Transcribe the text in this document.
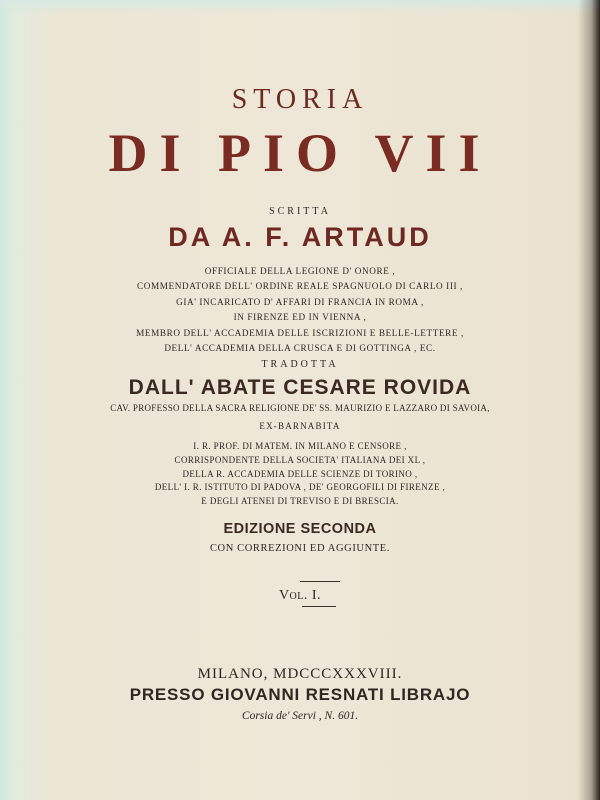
STORIA
DI PIO VII
SCRITTA
DA A. F. ARTAUD
OFFICIALE DELLA LEGIONE D' ONORE ,
COMMENDATORE DELL' ORDINE REALE SPAGNUOLO DI CARLO III ,
GIA' INCARICATO D' AFFARI DI FRANCIA IN ROMA ,
IN FIRENZE ED IN VIENNA ,
MEMBRO DELL' ACCADEMIA DELLE ISCRIZIONI E BELLE-LETTERE ,
DELL' ACCADEMIA DELLA CRUSCA E DI GOTTINGA , EC.
TRADOTTA
DALL' ABATE CESARE ROVIDA
CAV. PROFESSO DELLA SACRA RELIGIONE DE' SS. MAURIZIO E LAZZARO DI SAVOIA,
EX-BARNABITA
I. R. PROF. DI MATEM. IN MILANO E CENSORE ,
CORRISPONDENTE DELLA SOCIETA' ITALIANA DEI XL ,
DELLA R. ACCADEMIA DELLE SCIENZE DI TORINO ,
DELL' I. R. ISTITUTO DI PADOVA , DE' GEORGOFILI DI FIRENZE ,
E DEGLI ATENEI DI TREVISO E DI BRESCIA.
EDIZIONE SECONDA
CON CORREZIONI ED AGGIUNTE.
Vol. I.
MILANO, MDCCCXXXVIII.
PRESSO GIOVANNI RESNATI LIBRAJO
Corsia de' Servi , N. 601.
